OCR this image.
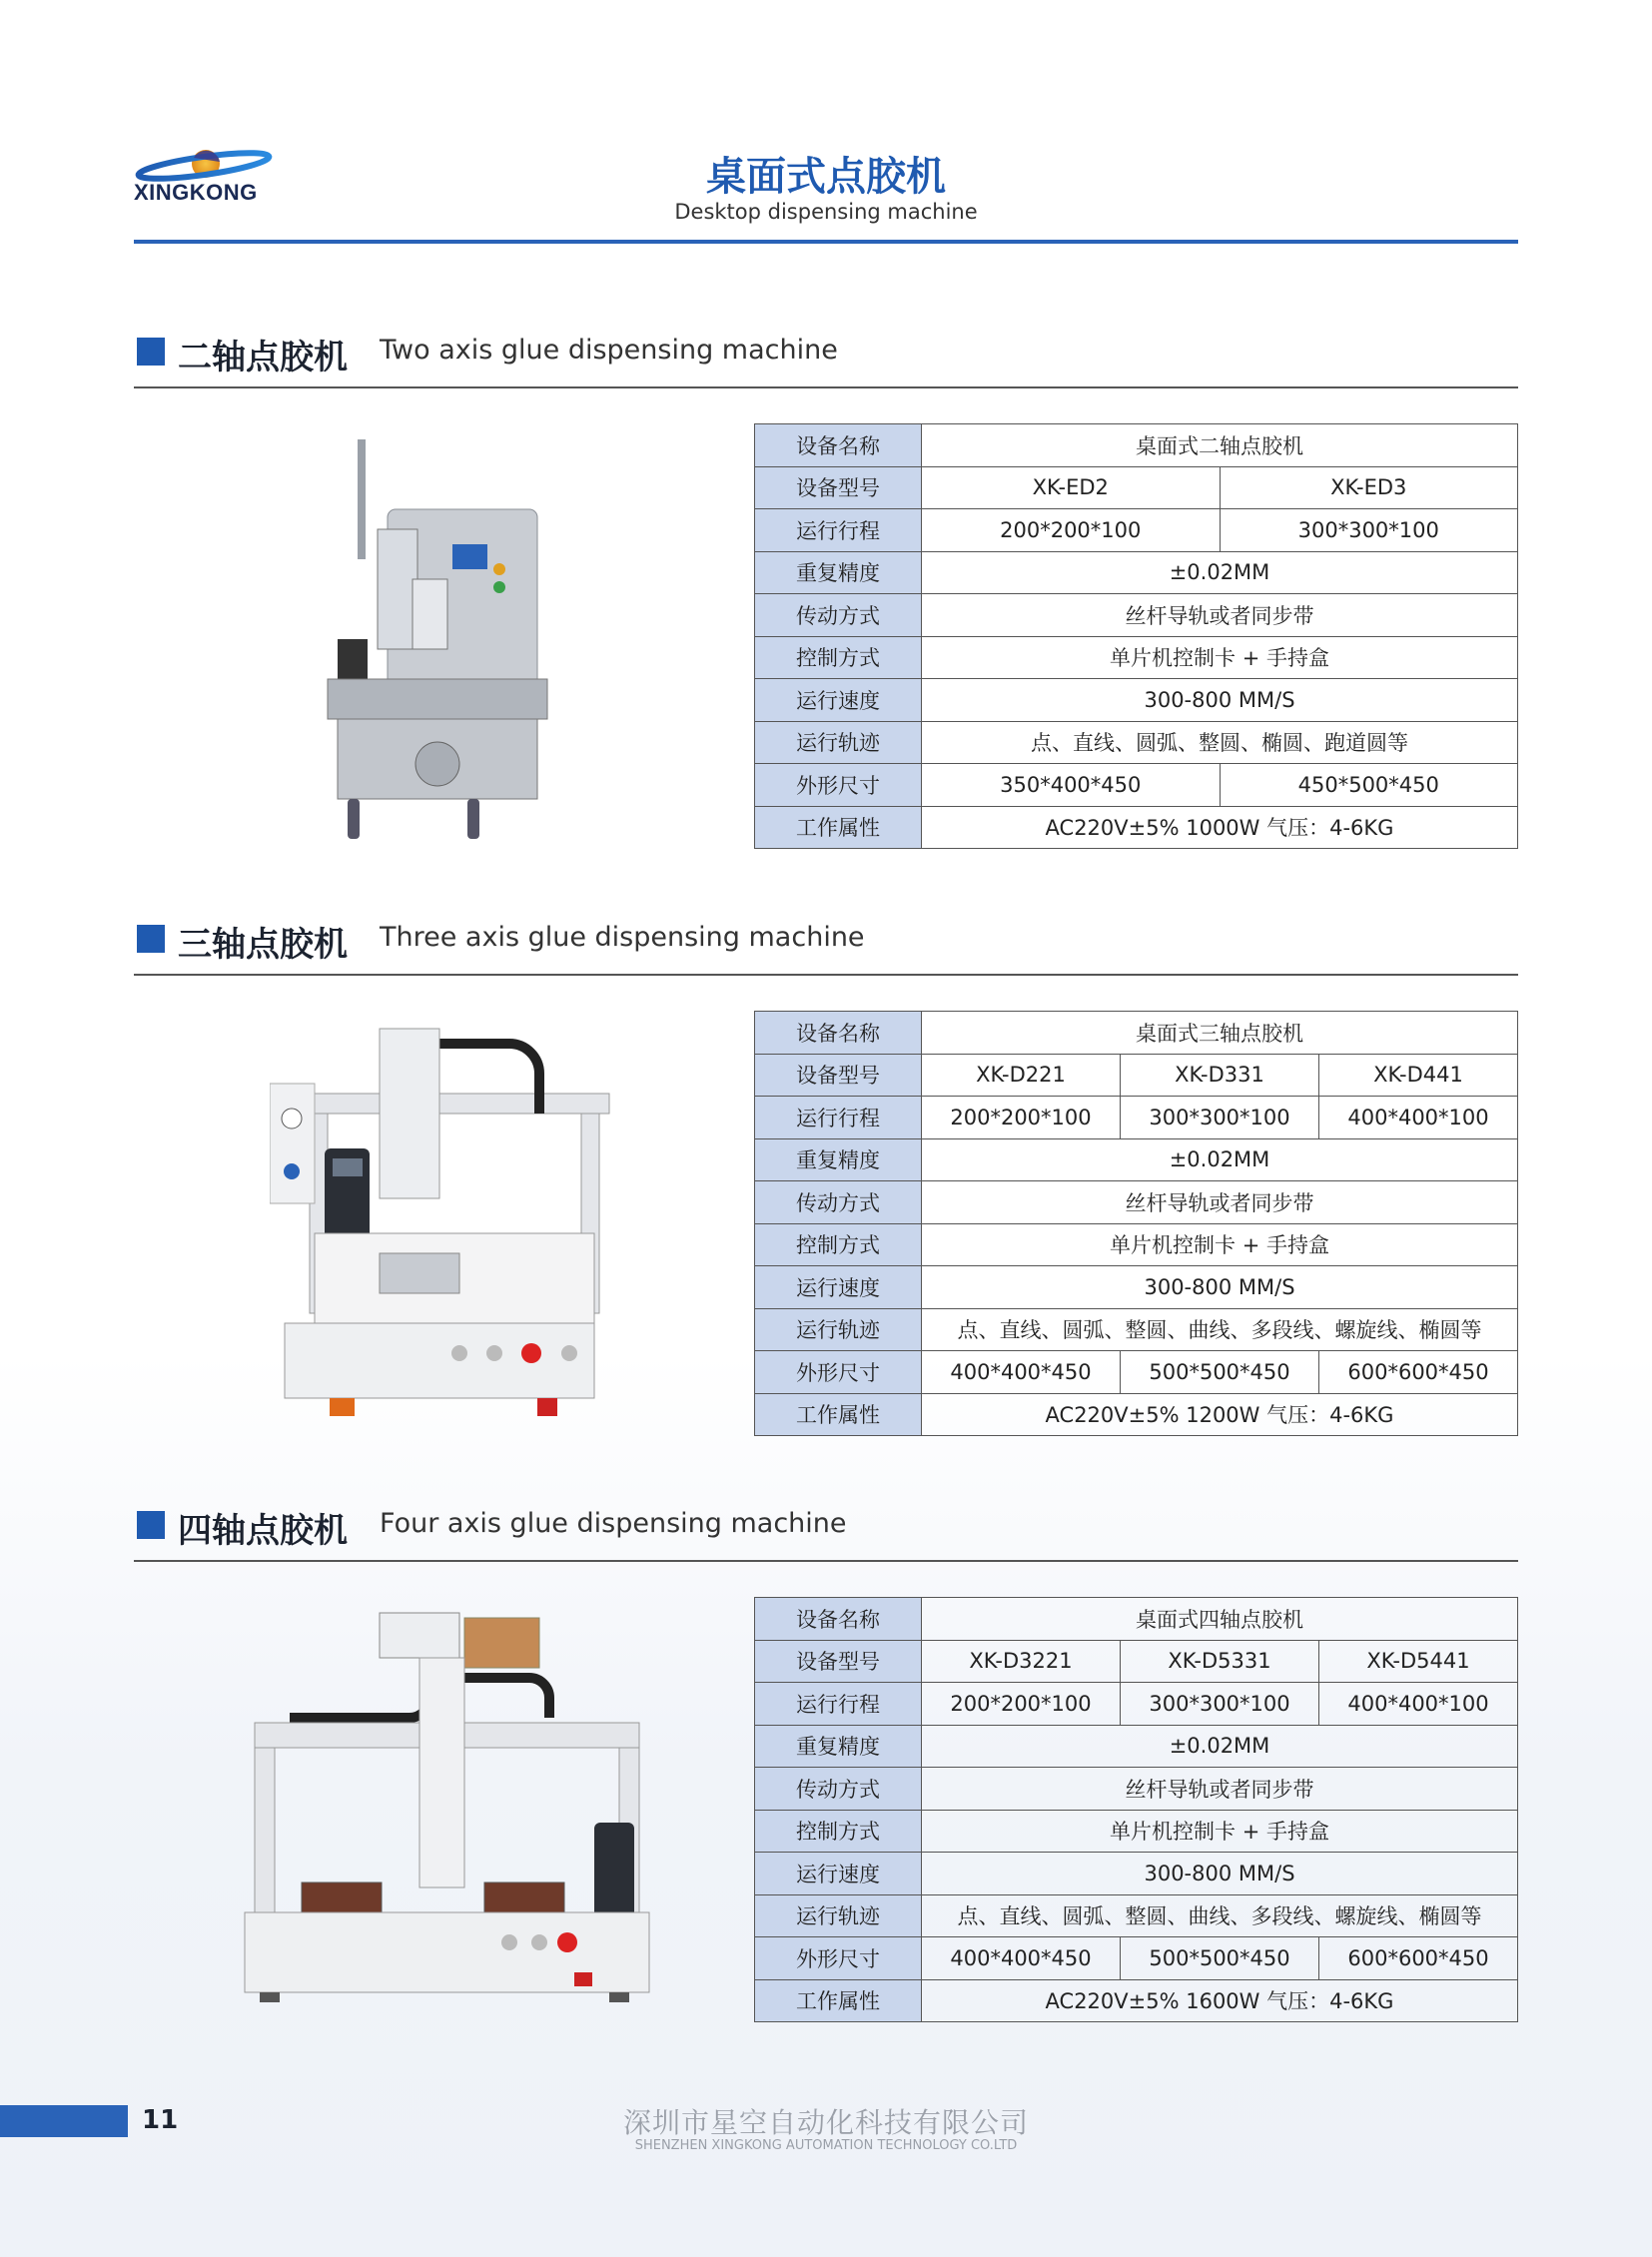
XINGKONG	桌面式点胶机
Desktop dispensing machine
二轴点胶机 Two axis glue dispensing machine
设备名称	桌面式二轴点胶机	
设备型号	XK-ED2	XK-ED3
运行行程	200*200*100	300*300*100
重复精度	±0.02MM	
传动方式	丝杆导轨或者同步带	
控制方式	单片机控制卡 + 手持盒	
运行速度	300-800 MM/S	
运行轨迹	点、直线、圆弧、整圆、椭圆、跑道圆等	
外形尺寸	350*400*450	450*500*450
工作属性	AC220V±5% 1000W 气压：4-6KG	
三轴点胶机 Three axis glue dispensing machine
设备名称	桌面式三轴点胶机		
设备型号	XK-D221	XK-D331	XK-D441
运行行程	200*200*100	300*300*100	400*400*100
重复精度	±0.02MM		
传动方式	丝杆导轨或者同步带		
控制方式	单片机控制卡 + 手持盒		
运行速度	300-800 MM/S		
运行轨迹	点、直线、圆弧、整圆、曲线、多段线、螺旋线、椭圆等		
外形尺寸	400*400*450	500*500*450	600*600*450
工作属性	AC220V±5% 1200W 气压：4-6KG		
四轴点胶机 Four axis glue dispensing machine
设备名称	桌面式四轴点胶机		
设备型号	XK-D3221	XK-D5331	XK-D5441
运行行程	200*200*100	300*300*100	400*400*100
重复精度	±0.02MM		
传动方式	丝杆导轨或者同步带		
控制方式	单片机控制卡 + 手持盒		
运行速度	300-800 MM/S		
运行轨迹	点、直线、圆弧、整圆、曲线、多段线、螺旋线、椭圆等		
外形尺寸	400*400*450	500*500*450	600*600*450
工作属性	AC220V±5% 1600W 气压：4-6KG		
11	深圳市星空自动化科技有限公司
SHENZHEN XINGKONG AUTOMATION TECHNOLOGY CO.LTD
